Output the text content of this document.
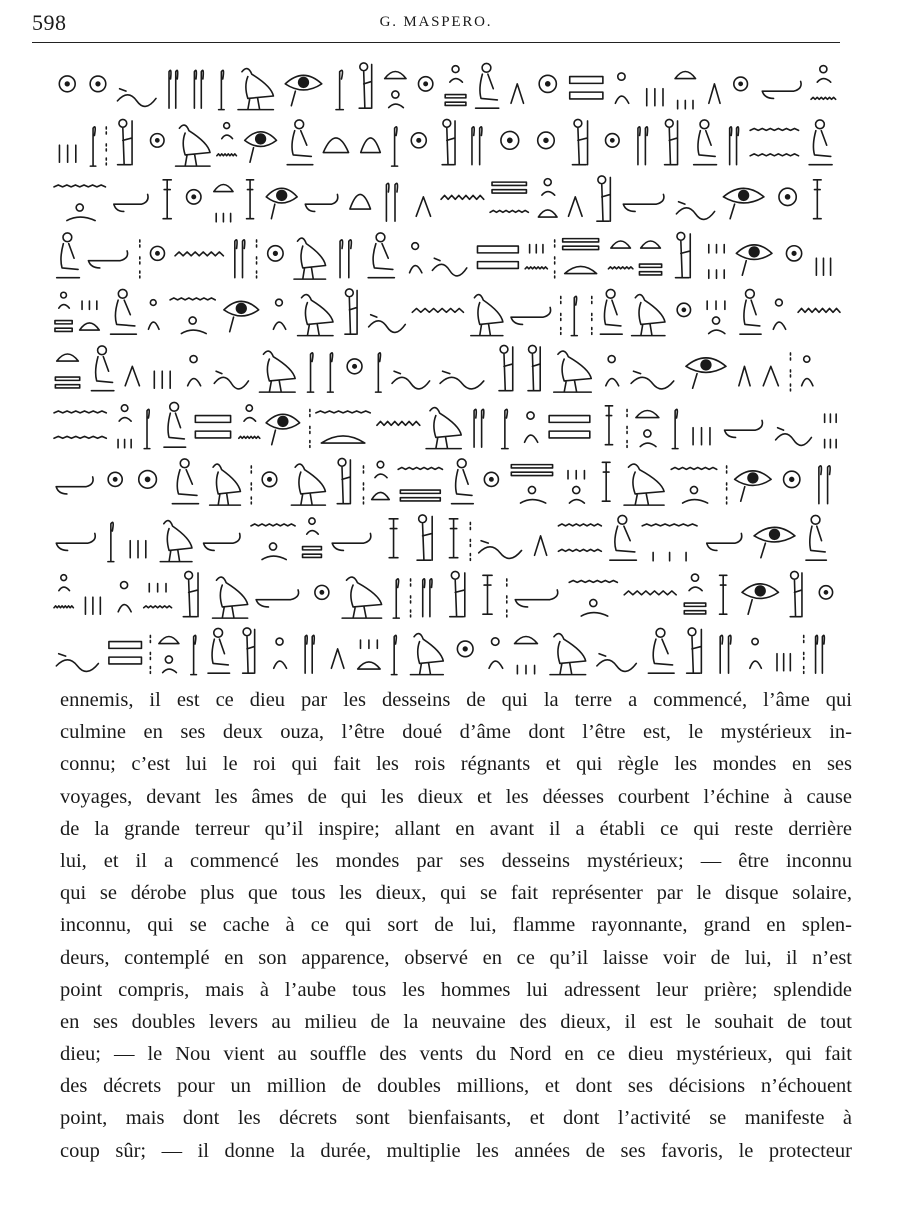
598	G. MASPERO.
ennemis, il est ce dieu par les desseins de qui la terre a commencé, l’âme qui
culmine en ses deux ouza, l’être doué d’âme dont l’être est, le mystérieux in-
connu; c’est lui le roi qui fait les rois régnants et qui règle les mondes en ses
voyages, devant les âmes de qui les dieux et les déesses courbent l’échine à cause
de la grande terreur qu’il inspire; allant en avant il a établi ce qui reste derrière
lui, et il a commencé les mondes par ses desseins mystérieux; — être inconnu
qui se dérobe plus que tous les dieux, qui se fait représenter par le disque solaire,
inconnu, qui se cache à ce qui sort de lui, flamme rayonnante, grand en splen-
deurs, contemplé en son apparence, observé en ce qu’il laisse voir de lui, il n’est
point compris, mais à l’aube tous les hommes lui adressent leur prière; splendide
en ses doubles levers au milieu de la neuvaine des dieux, il est le souhait de tout
dieu; — le Nou vient au souffle des vents du Nord en ce dieu mystérieux, qui fait
des décrets pour un million de doubles millions, et dont ses décisions n’échouent
point, mais dont les décrets sont bienfaisants, et dont l’activité se manifeste à
coup sûr; — il donne la durée, multiplie les années de ses favoris, le protecteur
